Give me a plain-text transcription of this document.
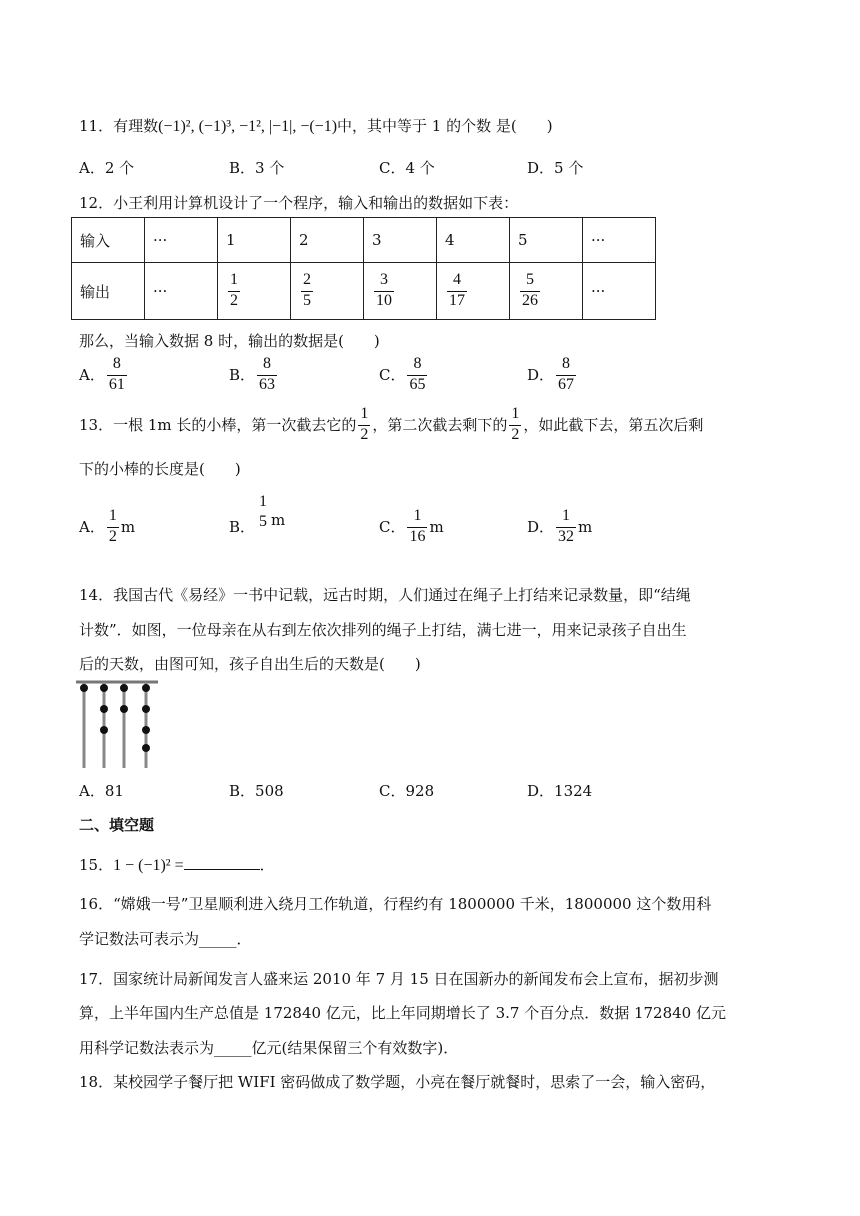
11．有理数(−1)², (−1)³, −1², |−1|, −(−1)中，其中等于 1 的个数 是(　　)
A．2 个	B．3 个	C．4 个	D．5 个
12．小王利用计算机设计了一个程序，输入和输出的数据如下表：
输入	···	1	2	3	4	5	···
输出	···	$\frac{1}{2}$	$\frac{2}{5}$	$\frac{3}{10}$	$\frac{4}{17}$	$\frac{5}{26}$	···
那么，当输入数据 8 时，输出的数据是(　　)
A． $\frac{8}{61}$	B． $\frac{8}{63}$	C． $\frac{8}{65}$	D． $\frac{8}{67}$
13． 一根 1m 长的小棒，第一次截去它的 $\frac{1}{2}$ ，第二次截去剩下的 $\frac{1}{2}$ ，如此截下去，第五次后剩
下的小棒的长度是(　　)
A． $\frac{1}{2}$ m	B．
1
5 m	C． $\frac{1}{16}$ m	D． $\frac{1}{32}$ m
14．我国古代《易经》一书中记载，远古时期，人们通过在绳子上打结来记录数量，即“结绳
计数”．如图，一位母亲在从右到左依次排列的绳子上打结，满七进一，用来记录孩子自出生
后的天数，由图可知，孩子自出生后的天数是(　　)
A．81	B．508	C．928	D．1324
二、填空题
15．1 − (−1)² =	．
16．“嫦娥一号”卫星顺利进入绕月工作轨道，行程约有 1800000 千米，1800000 这个数用科
学记数法可表示为_____．
17．国家统计局新闻发言人盛来运 2010 年 7 月 15 日在国新办的新闻发布会上宣布，据初步测
算，上半年国内生产总值是 172840 亿元，比上年同期增长了 3.7 个百分点．数据 172840 亿元
用科学记数法表示为_____亿元(结果保留三个有效数字)．
18．某校园学子餐厅把 WIFI 密码做成了数学题，小亮在餐厅就餐时，思索了一会，输入密码，
